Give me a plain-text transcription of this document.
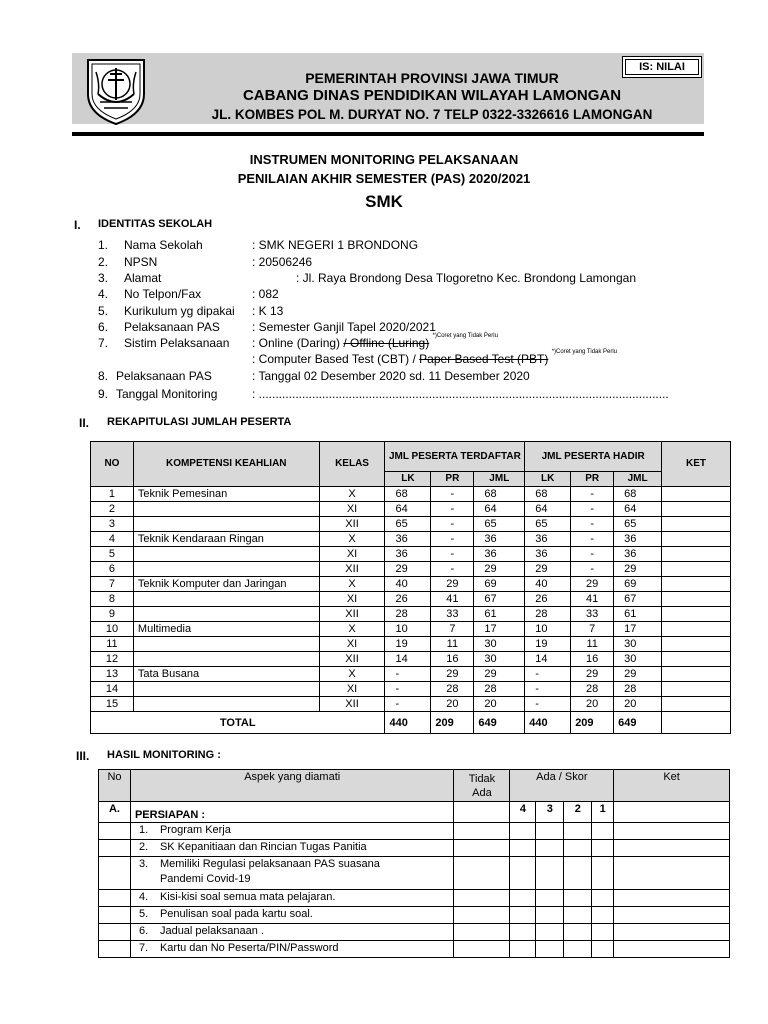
IS: NILAI
PEMERINTAH PROVINSI JAWA TIMUR
CABANG DINAS PENDIDIKAN WILAYAH LAMONGAN
JL. KOMBES POL M. DURYAT NO. 7 TELP 0322-3326616 LAMONGAN
INSTRUMEN MONITORING PELAKSANAAN
PENILAIAN AKHIR SEMESTER (PAS) 2020/2021
SMK
I. IDENTITAS SEKOLAH
1. Nama Sekolah	: SMK NEGERI 1 BRONDONG
2. NPSN	: 20506246
3. Alamat	: Jl. Raya Brondong Desa Tlogoretno Kec. Brondong Lamongan
4. No Telpon/Fax	: 082
5. Kurikulum yg dipakai : K 13
6. Pelaksanaan PAS	: Semester Ganjil Tapel 2020/2021
7. Sistim Pelaksanaan
8. Pelaksanaan PAS	: Tanggal 02 Desember 2020 sd. 11 Desember 2020
9. Tanggal Monitoring	: ...........................................................................................................................
: Online (Daring) / Offline (Luring) $^{*)Coret yang Tidak Perlu}$
: Computer Based Test (CBT) / Paper Based Test (PBT) $^{*)Coret yang Tidak Perlu}$
II. REKAPITULASI JUMLAH PESERTA
NO	KOMPETENSI KEAHLIAN	KELAS	JML PESERTA TERDAFTAR			JML PESERTA HADIR			KET
			LK	PR	JML	LK	PR	JML	
1	Teknik Pemesinan	X	68	-	68	68	-	68	
2		XI	64	-	64	64	-	64	
3		XII	65	-	65	65	-	65	
4	Teknik Kendaraan Ringan	X	36	-	36	36	-	36	
5		XI	36	-	36	36	-	36	
6		XII	29	-	29	29	-	29	
7	Teknik Komputer dan Jaringan	X	40	29	69	40	29	69	
8		XI	26	41	67	26	41	67	
9		XII	28	33	61	28	33	61	
10	Multimedia	X	10	7	17	10	7	17	
11		XI	19	11	30	19	11	30	
12		XII	14	16	30	14	16	30	
13	Tata Busana	X	-	29	29	-	29	29	
14		XI	-	28	28	-	28	28	
15		XII	-	20	20	-	20	20	
TOTAL			440	209	649	440	209	649	
III. HASIL MONITORING :
No	Aspek yang diamati	Tidak Ada	Ada / Skor				Ket
A.	PERSIAPAN :		4	3	2	1	

	1. Program Kerja						

	2. SK Kepanitiaan dan Rincian Tugas Panitia						

	3. Memiliki Regulasi pelaksanaan PAS suasana Pandemi Covid-19						

	4. Kisi-kisi soal semua mata pelajaran.						

	5. Penulisan soal pada kartu soal.						

	6. Jadual pelaksanaan .						

	7. Kartu dan No Peserta/PIN/Password						
